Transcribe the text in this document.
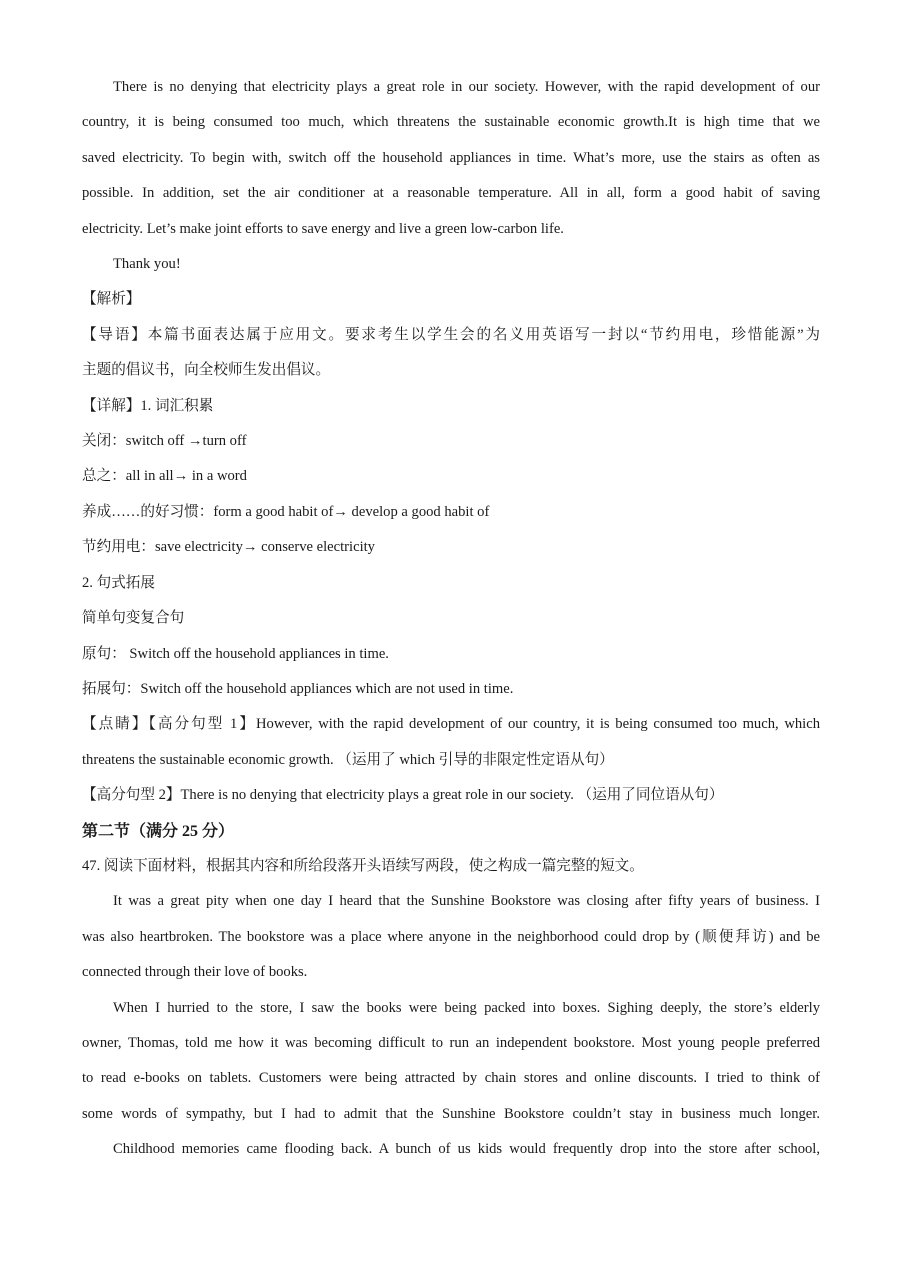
There is no denying that electricity plays a great role in our society. However, with the rapid development of our
country, it is being consumed too much, which threatens the sustainable economic growth.It is high time that we
saved electricity. To begin with, switch off the household appliances in time. What’s more, use the stairs as often as
possible. In addition, set the air conditioner at a reasonable temperature. All in all, form a good habit of saving
electricity. Let’s make joint efforts to save energy and live a green low-carbon life.
Thank you!
【解析】
【导语】本篇书面表达属于应用文。要求考生以学生会的名义用英语写一封以“节约用电，珍惜能源”为
主题的倡议书，向全校师生发出倡议。
【详解】1. 词汇积累
关闭：switch off →turn off
总之：all in all→ in a word
养成……的好习惯：form a good habit of→ develop a good habit of
节约用电：save electricity→ conserve electricity
2. 句式拓展
简单句变复合句
原句： Switch off the household appliances in time.
拓展句：Switch off the household appliances which are not used in time.
【点睛】【高分句型 1】However, with the rapid development of our country, it is being consumed too much, which
threatens the sustainable economic growth. （运用了 which 引导的非限定性定语从句）
【高分句型 2】There is no denying that electricity plays a great role in our society. （运用了同位语从句）
第二节（满分 25 分）
47. 阅读下面材料，根据其内容和所给段落开头语续写两段，使之构成一篇完整的短文。
It was a great pity when one day I heard that the Sunshine Bookstore was closing after fifty years of business. I
was also heartbroken. The bookstore was a place where anyone in the neighborhood could drop by (顺便拜访) and be
connected through their love of books.
When I hurried to the store, I saw the books were being packed into boxes. Sighing deeply, the store’s elderly
owner, Thomas, told me how it was becoming difficult to run an independent bookstore. Most young people preferred
to read e-books on tablets. Customers were being attracted by chain stores and online discounts. I tried to think of
some words of sympathy, but I had to admit that the Sunshine Bookstore couldn’t stay in business much longer.
Childhood memories came flooding back. A bunch of us kids would frequently drop into the store after school,
